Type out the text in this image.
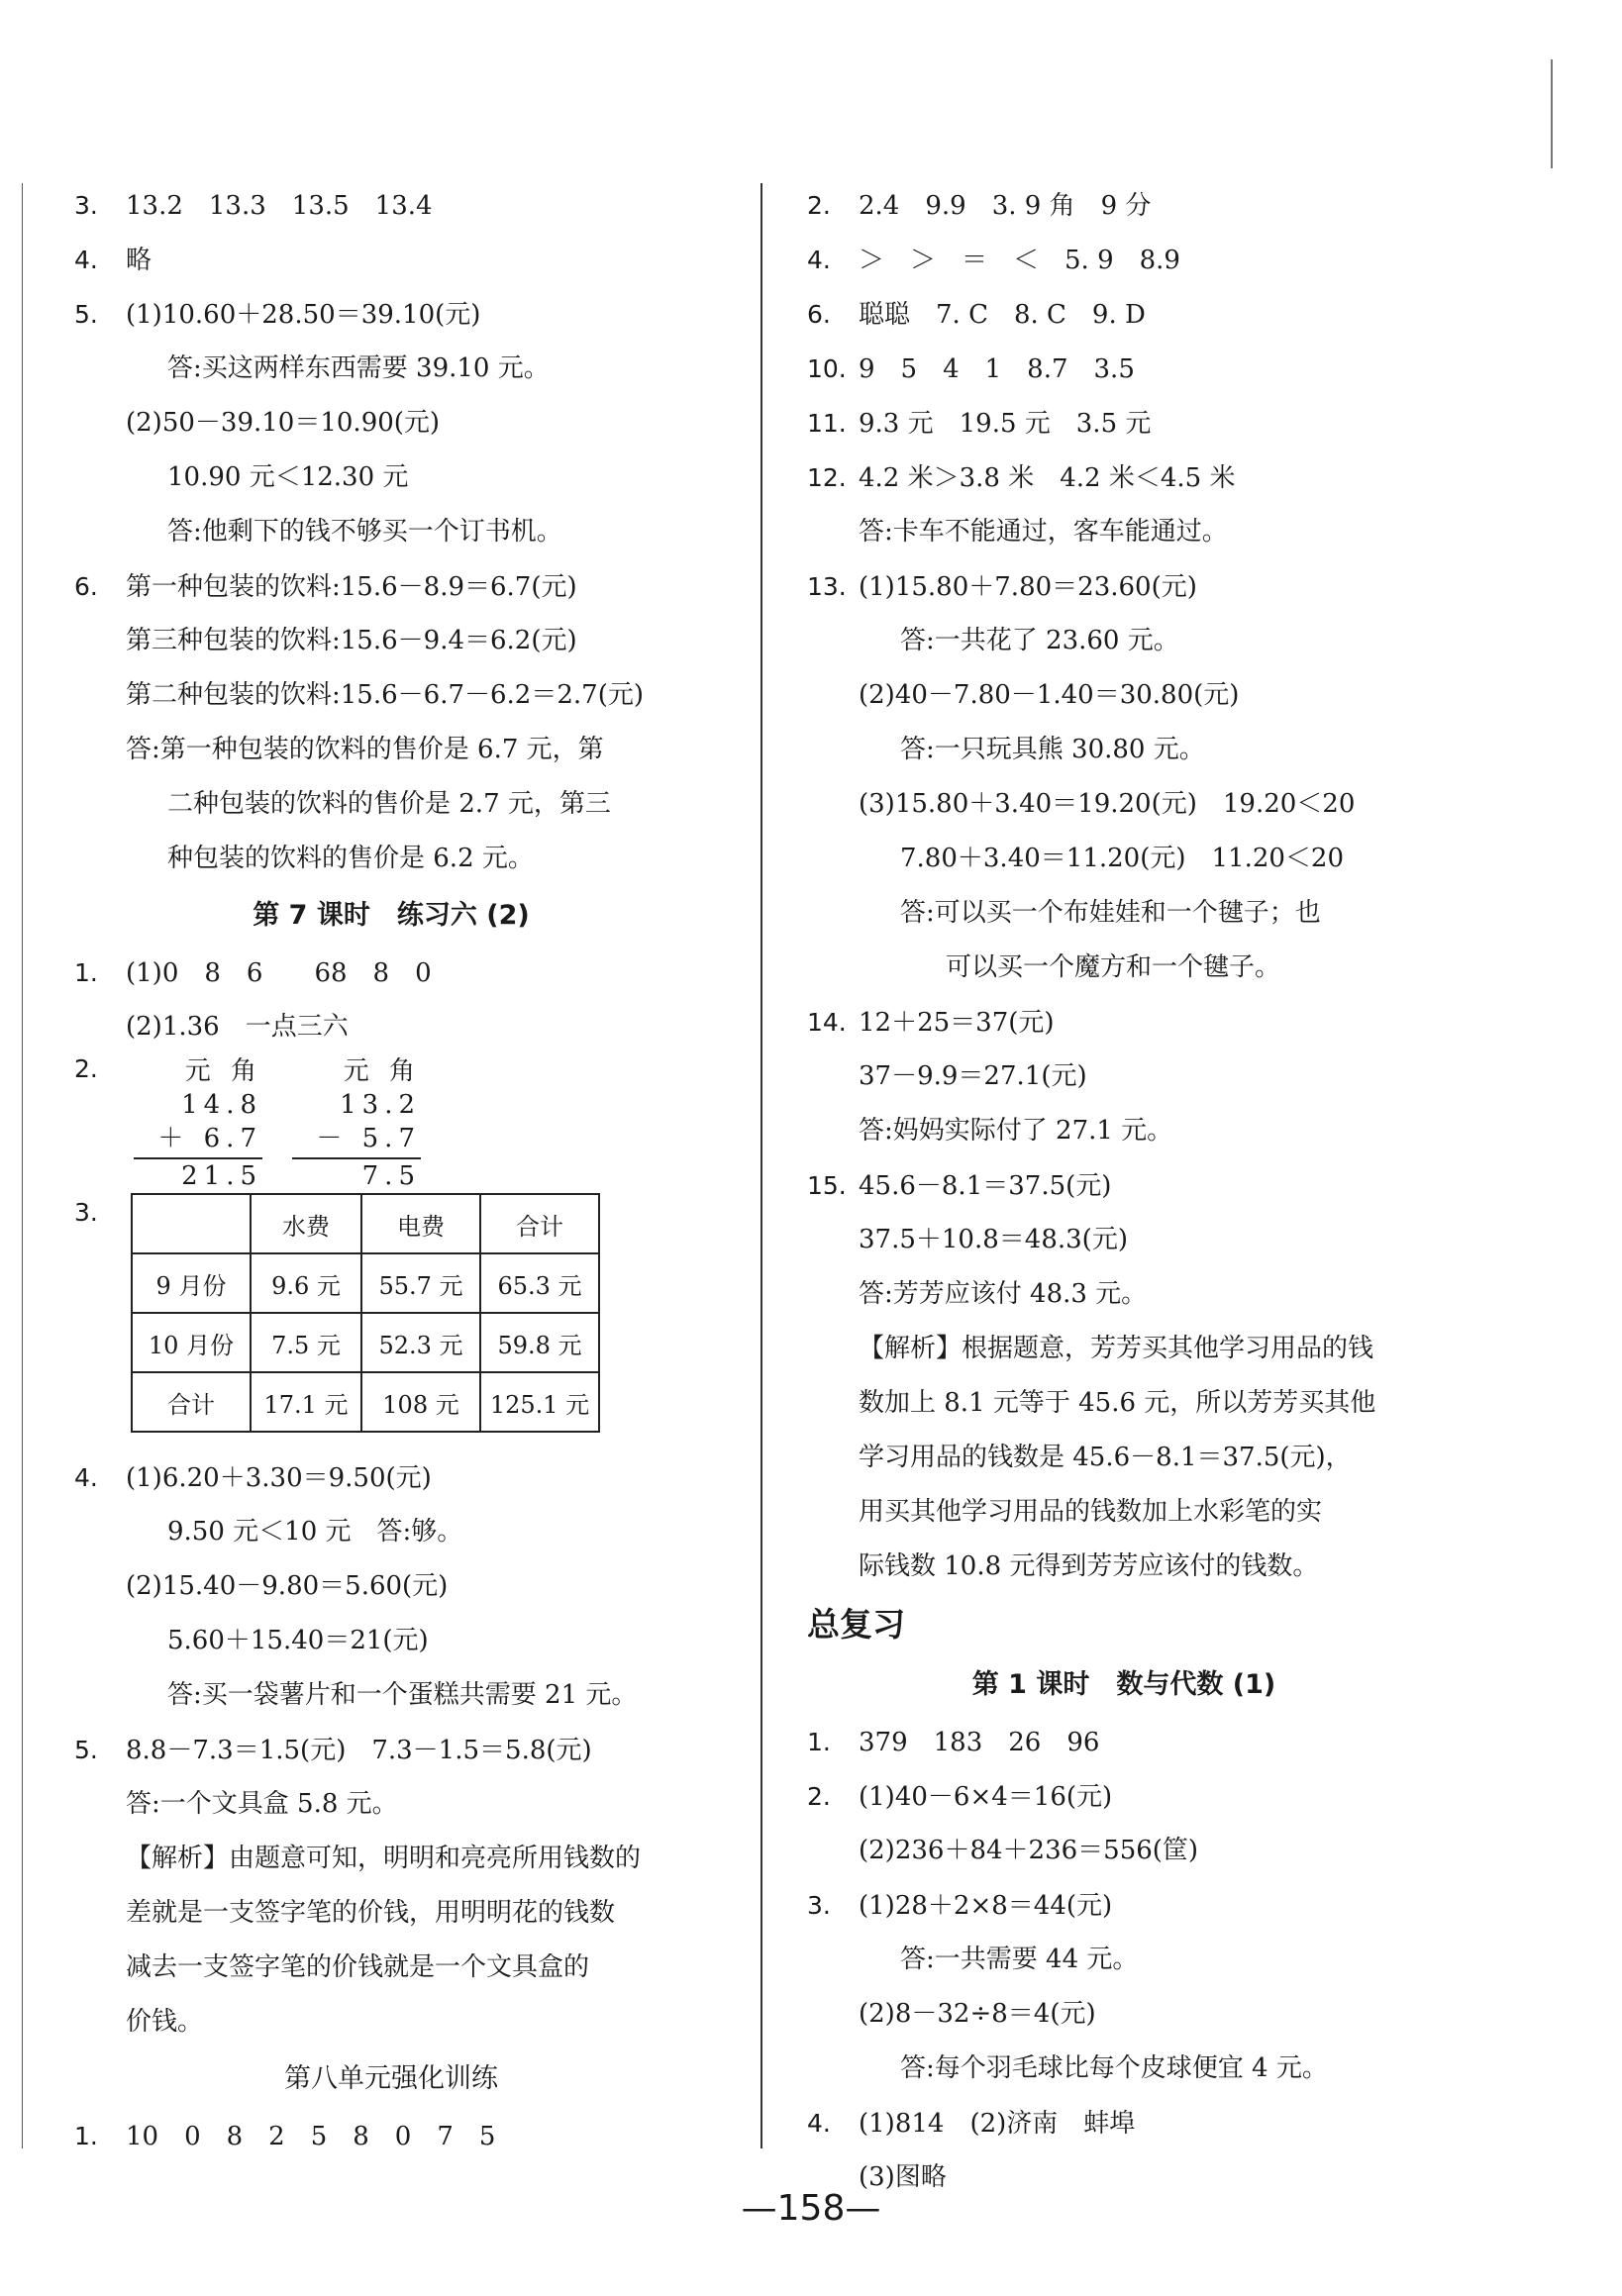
3. 13.2　13.3　13.5　13.4
4. 略
5. (1)10.60＋28.50＝39.10(元)
答:买这两样东西需要 39.10 元。
(2)50－39.10＝10.90(元)
10.90 元＜12.30 元
答:他剩下的钱不够买一个订书机。
6. 第一种包装的饮料:15.6－8.9＝6.7(元)
第三种包装的饮料:15.6－9.4＝6.2(元)
第二种包装的饮料:15.6－6.7－6.2＝2.7(元)
答:第一种包装的饮料的售价是 6.7 元，第
二种包装的饮料的售价是 2.7 元，第三
种包装的饮料的售价是 6.2 元。
第 7 课时　练习六 (2)
1. (1)0　8　6　　68　8　0
(2)1.36　一点三六
2.	元 角
14.8
＋ 6.7
21.5
元 角
13.2
－ 5.7
7.5
3.
		水费	电费	合计
9 月份	9.6 元	55.7 元	65.3 元
10 月份	7.5 元	52.3 元	59.8 元
合计	17.1 元	108 元	125.1 元
4. (1)6.20＋3.30＝9.50(元)
9.50 元＜10 元　答:够。
(2)15.40－9.80＝5.60(元)
5.60＋15.40＝21(元)
答:买一袋薯片和一个蛋糕共需要 21 元。
5. 8.8－7.3＝1.5(元)　7.3－1.5＝5.8(元)
答:一个文具盒 5.8 元。
【解析】由题意可知，明明和亮亮所用钱数的
差就是一支签字笔的价钱，用明明花的钱数
减去一支签字笔的价钱就是一个文具盒的
价钱。
第八单元强化训练
1. 10　0　8　2　5　8　0　7　5
2. 2.4　9.9　3. 9 角　9 分
4. ＞　＞　＝　＜　5. 9　8.9
6. 聪聪　7. C　8. C　9. D
10. 9　5　4　1　8.7　3.5
11. 9.3 元　19.5 元　3.5 元
12. 4.2 米＞3.8 米　4.2 米＜4.5 米
答:卡车不能通过，客车能通过。
13. (1)15.80＋7.80＝23.60(元)
答:一共花了 23.60 元。
(2)40－7.80－1.40＝30.80(元)
答:一只玩具熊 30.80 元。
(3)15.80＋3.40＝19.20(元)　19.20＜20
7.80＋3.40＝11.20(元)　11.20＜20
答:可以买一个布娃娃和一个毽子；也
可以买一个魔方和一个毽子。
14. 12＋25＝37(元)
37－9.9＝27.1(元)
答:妈妈实际付了 27.1 元。
15. 45.6－8.1＝37.5(元)
37.5＋10.8＝48.3(元)
答:芳芳应该付 48.3 元。
【解析】根据题意，芳芳买其他学习用品的钱
数加上 8.1 元等于 45.6 元，所以芳芳买其他
学习用品的钱数是 45.6－8.1＝37.5(元)，
用买其他学习用品的钱数加上水彩笔的实
际钱数 10.8 元得到芳芳应该付的钱数。
总复习
第 1 课时　数与代数 (1)
1. 379　183　26　96
2. (1)40－6×4＝16(元)
(2)236＋84＋236＝556(筐)
3. (1)28＋2×8＝44(元)
答:一共需要 44 元。
(2)8－32÷8＝4(元)
答:每个羽毛球比每个皮球便宜 4 元。
4. (1)814　(2)济南　蚌埠
(3)图略
—158—
